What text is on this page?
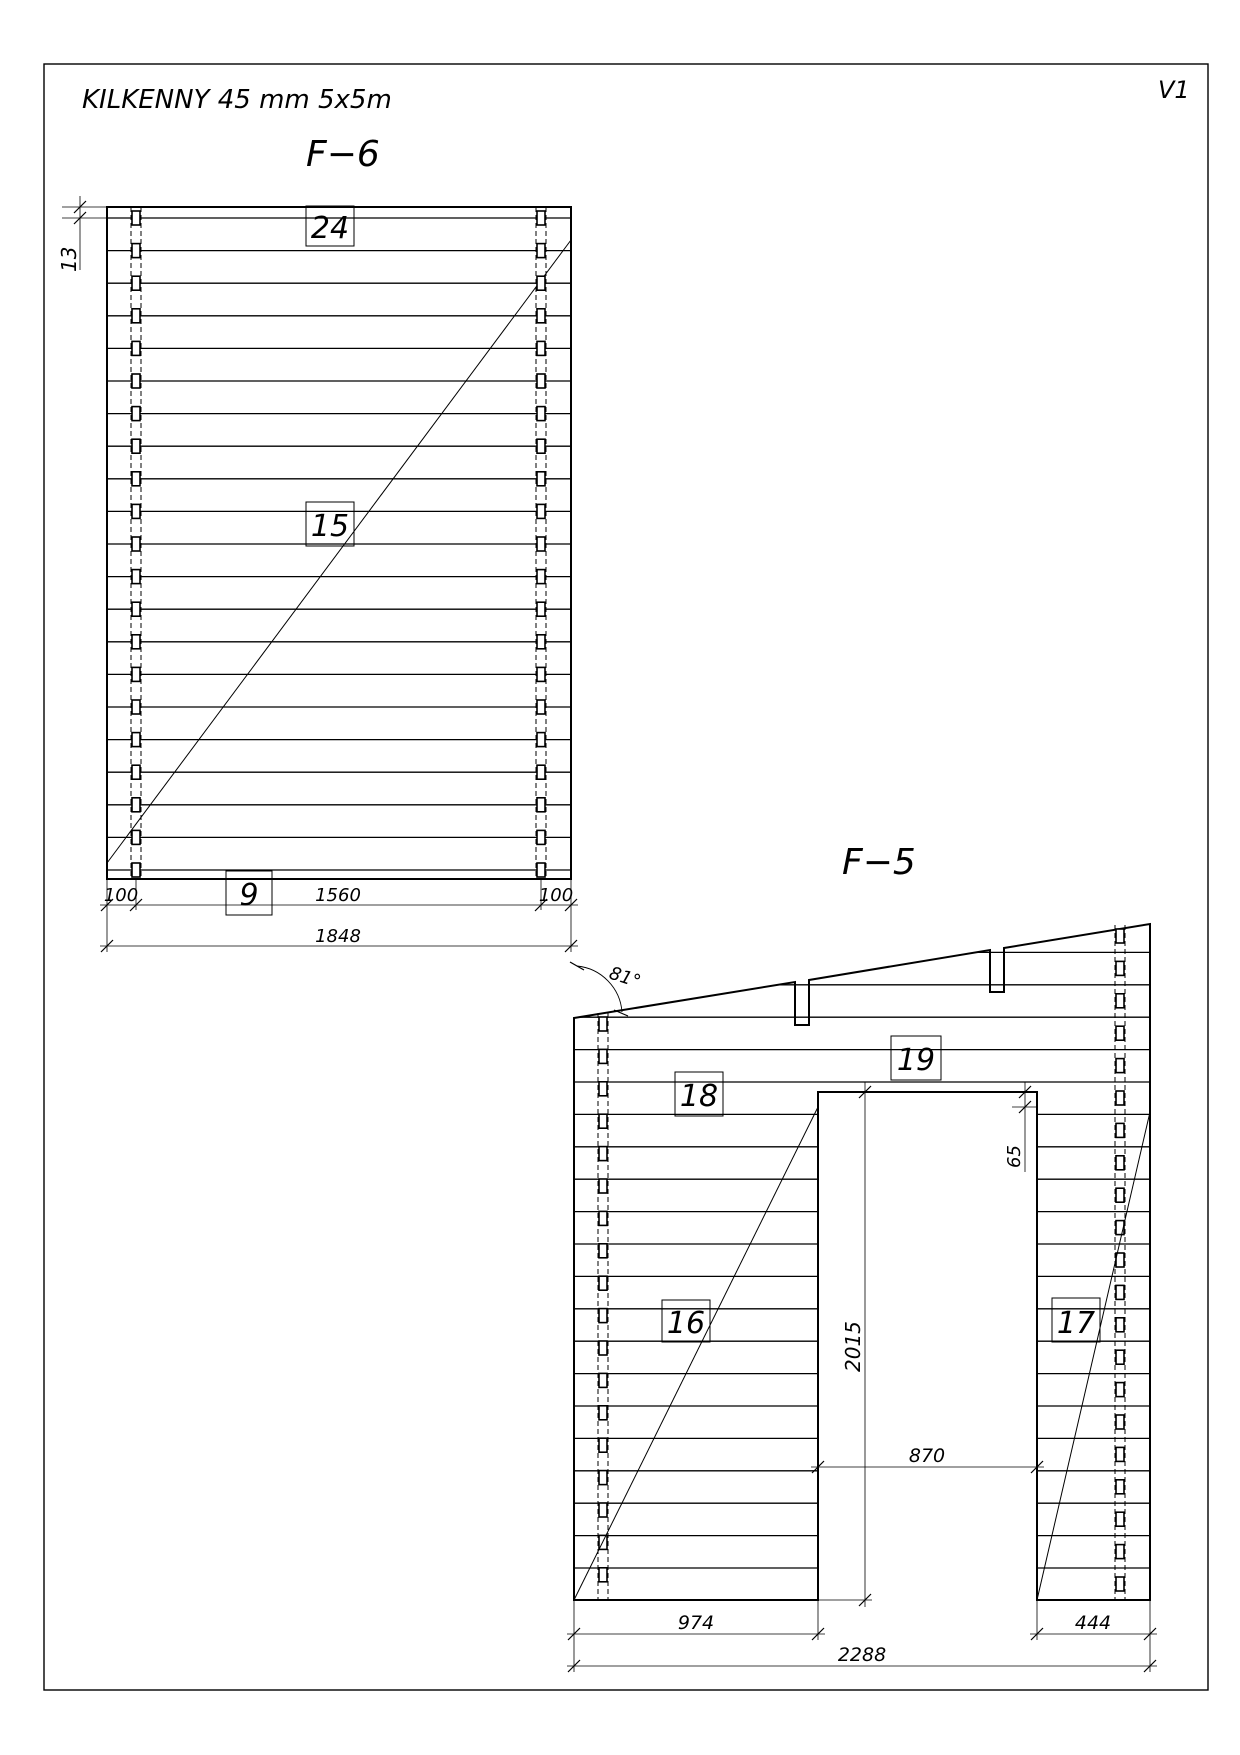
KILKENNY 45 mm 5x5m	V1
F−6
24
15
9
13
100	1560	100
1848
F−5
81°
19
18
16	17
65
2015
870
974	444
2288
